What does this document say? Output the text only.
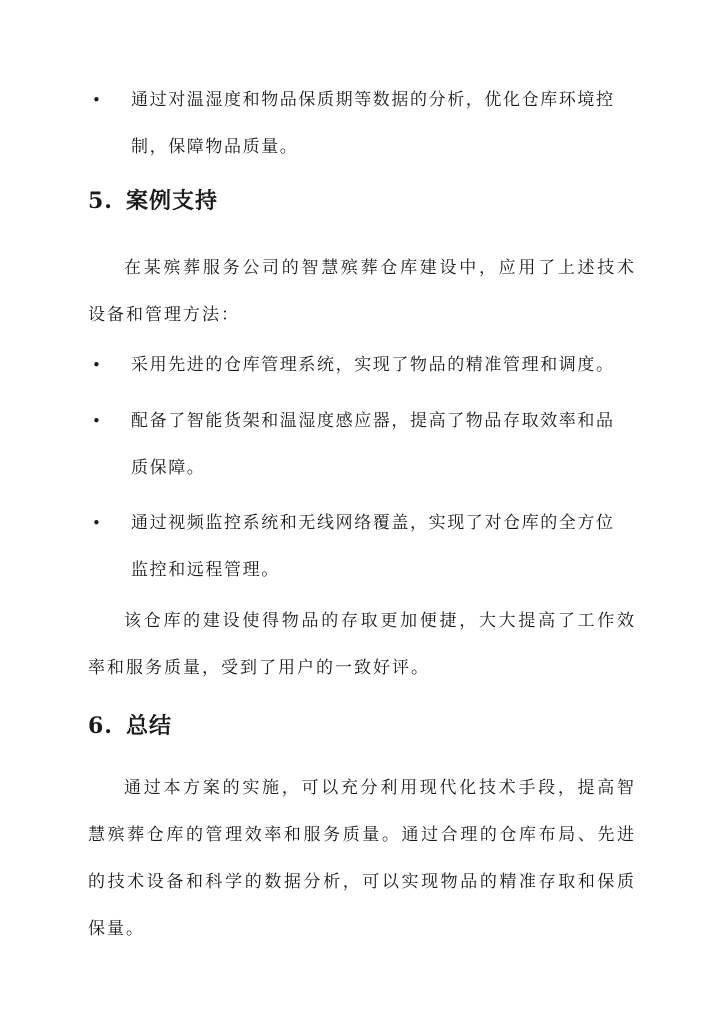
•	通过对温湿度和物品保质期等数据的分析，优化仓库环境控制，保障物品质量。
5. 案例支持
在某殡葬服务公司的智慧殡葬仓库建设中，应用了上述技术设备和管理方法：
•	采用先进的仓库管理系统，实现了物品的精准管理和调度。
•	配备了智能货架和温湿度感应器，提高了物品存取效率和品质保障。
•	通过视频监控系统和无线网络覆盖，实现了对仓库的全方位监控和远程管理。
该仓库的建设使得物品的存取更加便捷，大大提高了工作效率和服务质量，受到了用户的一致好评。
6. 总结
通过本方案的实施，可以充分利用现代化技术手段，提高智慧殡葬仓库的管理效率和服务质量。通过合理的仓库布局、先进的技术设备和科学的数据分析，可以实现物品的精准存取和保质保量。
